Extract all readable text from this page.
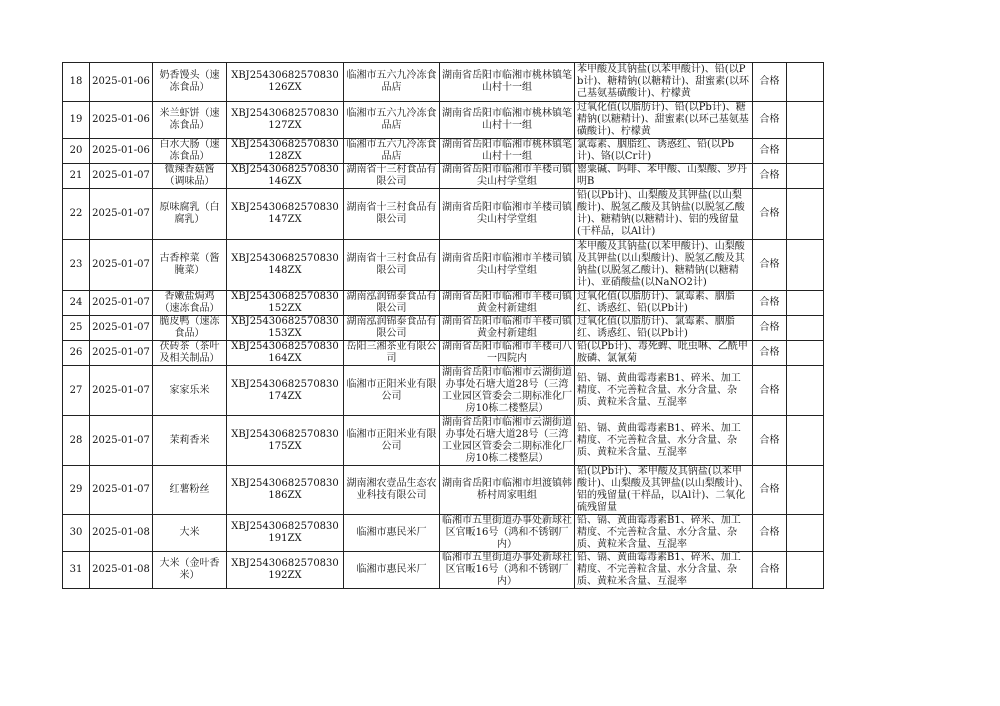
18	2025-01-06	奶香馒头（速冻食品）	XBJ25430682570830126ZX	临湘市五六九冷冻食品店	湖南省岳阳市临湘市桃林镇笔山村十一组	苯甲酸及其钠盐(以苯甲酸计)、铅(以Pb计)、糖精钠(以糖精计)、甜蜜素(以环己基氨基磺酸计)、柠檬黄	合格	
19	2025-01-06	米兰虾饼（速冻食品）	XBJ25430682570830127ZX	临湘市五六九冷冻食品店	湖南省岳阳市临湘市桃林镇笔山村十一组	过氧化值(以脂肪计)、铅(以Pb计)、糖精钠(以糖精计)、甜蜜素(以环己基氨基磺酸计)、柠檬黄	合格	
20	2025-01-06	白水大肠（速冻食品）	XBJ25430682570830128ZX	临湘市五六九冷冻食品店	湖南省岳阳市临湘市桃林镇笔山村十一组	氯霉素、胭脂红、诱惑红、铅(以Pb计)、铬(以Cr计)	合格	
21	2025-01-07	微辣香菇酱（调味品）	XBJ25430682570830146ZX	湖南省十三村食品有限公司	湖南省岳阳市临湘市羊楼司镇尖山村学堂组	罂粟碱、吗啡、苯甲酸、山梨酸、罗丹明B	合格	
22	2025-01-07	原味腐乳（白腐乳）	XBJ25430682570830147ZX	湖南省十三村食品有限公司	湖南省岳阳市临湘市羊楼司镇尖山村学堂组	铅(以Pb计)、山梨酸及其钾盐(以山梨酸计)、脱氢乙酸及其钠盐(以脱氢乙酸计)、糖精钠(以糖精计)、铝的残留量(干样品，以Al计)	合格	
23	2025-01-07	古香榨菜（酱腌菜）	XBJ25430682570830148ZX	湖南省十三村食品有限公司	湖南省岳阳市临湘市羊楼司镇尖山村学堂组	苯甲酸及其钠盐(以苯甲酸计)、山梨酸及其钾盐(以山梨酸计)、脱氢乙酸及其钠盐(以脱氢乙酸计)、糖精钠(以糖精计)、亚硝酸盐(以NaNO2计)	合格	
24	2025-01-07	香嫩盐焗鸡（速冻食品）	XBJ25430682570830152ZX	湖南泓润锦泰食品有限公司	湖南省岳阳市临湘市羊楼司镇黄金村新建组	过氧化值(以脂肪计)、氯霉素、胭脂红、诱惑红、铅(以Pb计)	合格	
25	2025-01-07	脆皮鸭（速冻食品）	XBJ25430682570830153ZX	湖南泓润锦泰食品有限公司	湖南省岳阳市临湘市羊楼司镇黄金村新建组	过氧化值(以脂肪计)、氯霉素、胭脂红、诱惑红、铅(以Pb计)	合格	
26	2025-01-07	茯砖茶（茶叶及相关制品）	XBJ25430682570830164ZX	岳阳三湘茶业有限公司	湖南省岳阳市临湘市羊楼司八一四院内	铅(以Pb计)、毒死蜱、吡虫啉、乙酰甲胺磷、氯氰菊	合格	
27	2025-01-07	家家乐米	XBJ25430682570830174ZX	临湘市正阳米业有限公司	湖南省岳阳市临湘市云湖街道办事处石塘大道28号（三湾工业园区管委会二期标准化厂房10栋二楼整层）	铅、镉、黄曲霉毒素B1、碎米、加工精度、不完善粒含量、水分含量、杂质、黄粒米含量、互混率	合格	
28	2025-01-07	茉莉香米	XBJ25430682570830175ZX	临湘市正阳米业有限公司	湖南省岳阳市临湘市云湖街道办事处石塘大道28号（三湾工业园区管委会二期标准化厂房10栋二楼整层）	铅、镉、黄曲霉毒素B1、碎米、加工精度、不完善粒含量、水分含量、杂质、黄粒米含量、互混率	合格	
29	2025-01-07	红薯粉丝	XBJ25430682570830186ZX	湖南湘农壹品生态农业科技有限公司	湖南省岳阳市临湘市坦渡镇韩桥村周家咀组	铅(以Pb计)、苯甲酸及其钠盐(以苯甲酸计)、山梨酸及其钾盐(以山梨酸计)、铝的残留量(干样品，以Al计)、二氧化硫残留量	合格	
30	2025-01-08	大米	XBJ25430682570830191ZX	临湘市惠民米厂	临湘市五里街道办事处新球社区官畈16号（鸿和不锈钢厂内）	铅、镉、黄曲霉毒素B1、碎米、加工精度、不完善粒含量、水分含量、杂质、黄粒米含量、互混率	合格	
31	2025-01-08	大米（金叶香米）	XBJ25430682570830192ZX	临湘市惠民米厂	临湘市五里街道办事处新球社区官畈16号（鸿和不锈钢厂内）	铅、镉、黄曲霉毒素B1、碎米、加工精度、不完善粒含量、水分含量、杂质、黄粒米含量、互混率	合格	
